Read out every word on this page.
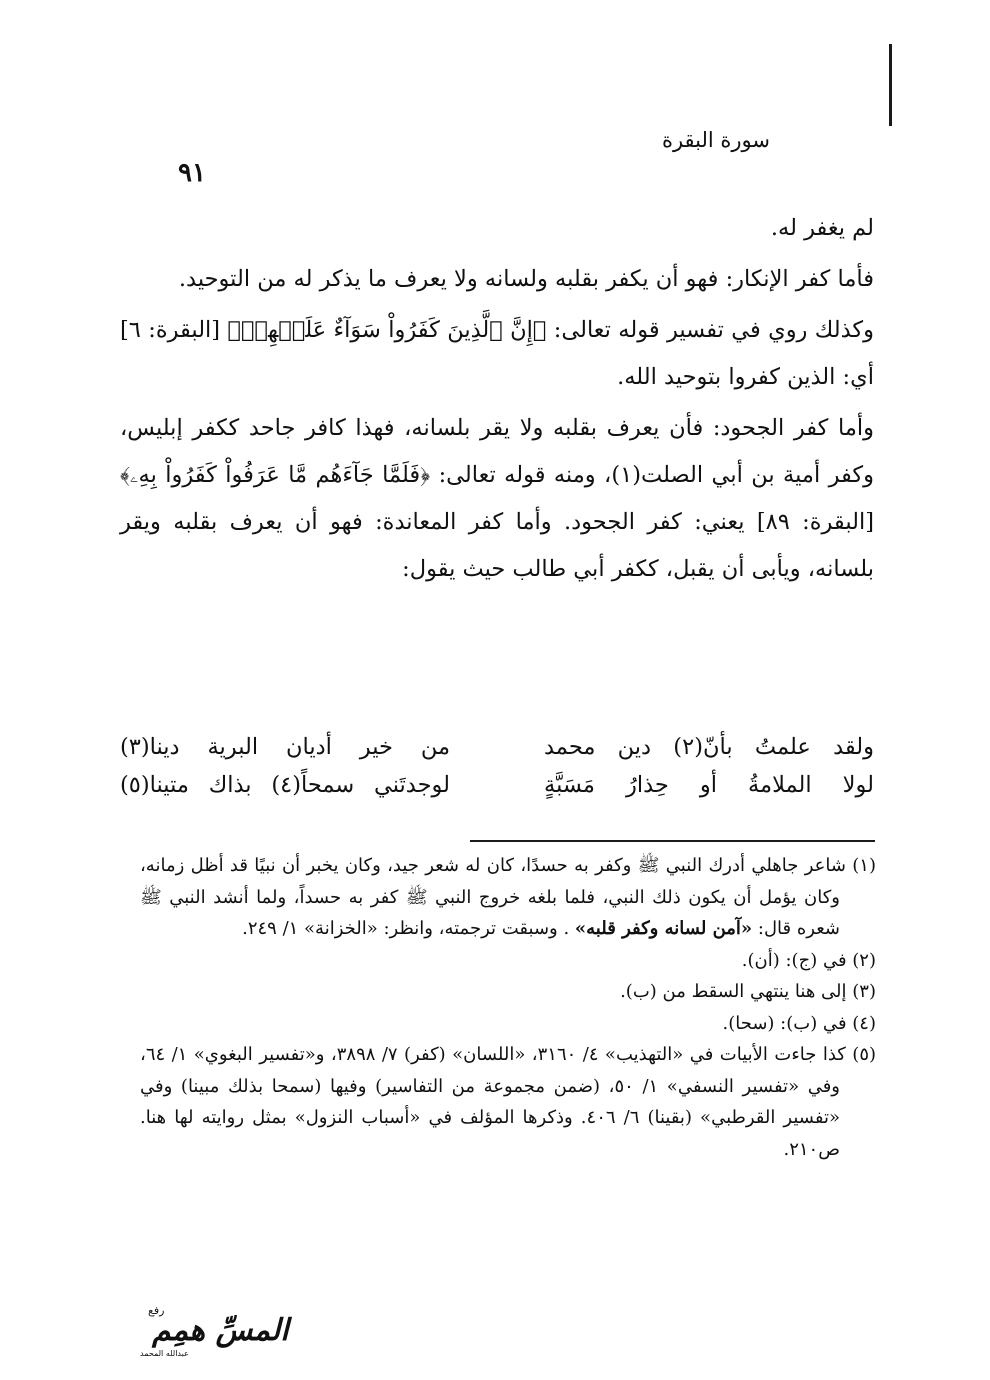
سورة البقرة
٩١

لم يغفر له.

فأما كفر الإنكار: فهو أن يكفر بقلبه ولسانه ولا يعرف ما يذكر له من التوحيد.

وكذلك روي في تفسير قوله تعالى: ﴿إِنَّ ٱلَّذِينَ كَفَرُواْ سَوَآءٌ عَلَيۡهِمۡ﴾ [البقرة: ٦] أي: الذين كفروا بتوحيد الله.

وأما كفر الجحود: فأن يعرف بقلبه ولا يقر بلسانه، فهذا كافر جاحد ككفر إبليس، وكفر أمية بن أبي الصلت(١)، ومنه قوله تعالى: ﴿فَلَمَّا جَآءَهُم مَّا عَرَفُواْ كَفَرُواْ بِهِۦ﴾ [البقرة: ٨٩] يعني: كفر الجحود. وأما كفر المعاندة: فهو أن يعرف بقلبه ويقر بلسانه، ويأبى أن يقبل، ككفر أبي طالب حيث يقول:

ولقد علمتُ بأنّ(٢) دين محمد
من خير أديان البرية دينا(٣)
لولا الملامةُ أو حِذارُ مَسَبَّةٍ
لوجدتَني سمحاً(٤) بذاك متينا(٥)

(١) شاعر جاهلي أدرك النبي ﷺ وكفر به حسدًا، كان له شعر جيد، وكان يخبر أن نبيًا قد أظل زمانه، وكان يؤمل أن يكون ذلك النبي، فلما بلغه خروج النبي ﷺ كفر به حسداً، ولما أنشد النبي ﷺ شعره قال: «آمن لسانه وكفر قلبه» . وسبقت ترجمته، وانظر: «الخزانة» ١/ ٢٤٩.

(٢) في (ج): (أن).

(٣) إلى هنا ينتهي السقط من (ب).

(٤) في (ب): (سحا).

(٥) كذا جاءت الأبيات في «التهذيب» ٤/ ٣١٦٠، «اللسان» (كفر) ٧/ ٣٨٩٨، و«تفسير البغوي» ١/ ٦٤، وفي «تفسير النسفي» ١/ ٥٠، (ضمن مجموعة من التفاسير) وفيها (سمحا بذلك مبينا) وفي «تفسير القرطبي» (بقينا) ٦/ ٤٠٦. وذكرها المؤلف في «أسباب النزول» بمثل روايته لها هنا. ص٢١٠.

رفع
المسِّ همِم
عبدالله المحمد
